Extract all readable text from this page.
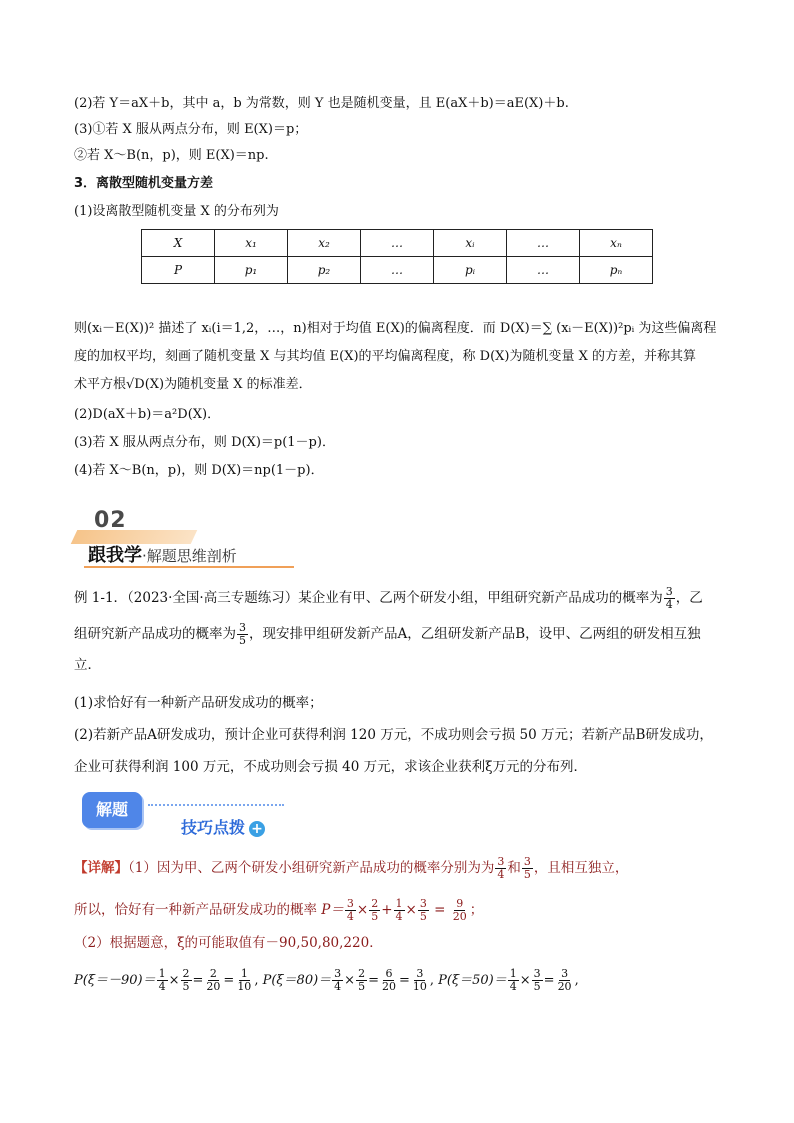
(2)若 Y＝aX＋b，其中 a，b 为常数，则 Y 也是随机变量，且 E(aX＋b)＝aE(X)＋b.
(3)①若 X 服从两点分布，则 E(X)＝p；
②若 X～B(n，p)，则 E(X)＝np.
3．离散型随机变量方差
(1)设离散型随机变量 X 的分布列为
X	x₁	x₂	…	xᵢ	…	xₙ
P	p₁	p₂	…	pᵢ	…	pₙ
则(xᵢ－E(X))² 描述了 xᵢ(i＝1,2，…，n)相对于均值 E(X)的偏离程度．而 D(X)＝∑ (xᵢ－E(X))²pᵢ 为这些偏离程
度的加权平均，刻画了随机变量 X 与其均值 E(X)的平均偏离程度，称 D(X)为随机变量 X 的方差，并称其算
术平方根√D(X)为随机变量 X 的标准差．
(2)D(aX＋b)＝a²D(X)．
(3)若 X 服从两点分布，则 D(X)＝p(1－p)．
(4)若 X～B(n，p)，则 D(X)＝np(1－p)．
02
跟我学·解题思维剖析
例 1-1．（2023·全国·高三专题练习）某企业有甲、乙两个研发小组，甲组研究新产品成功的概率为 $\frac{3}{4}$ ，乙
组研究新产品成功的概率为 $\frac{3}{5}$ ，现安排甲组研发新产品A，乙组研发新产品B，设甲、乙两组的研发相互独
立．
(1)求恰好有一种新产品研发成功的概率；
(2)若新产品A研发成功，预计企业可获得利润 120 万元，不成功则会亏损 50 万元；若新产品B研发成功，
企业可获得利润 100 万元，不成功则会亏损 40 万元，求该企业获利ξ万元的分布列．
解题
技巧点拨 +
【详解】（1）因为甲、乙两个研发小组研究新产品成功的概率分别为为 $\frac{3}{4}$ 和 $\frac{3}{5}$ ，且相互独立，
所以，恰好有一种新产品研发成功的概率 $P= \frac{3}{4} \times \frac{2}{5} + \frac{1}{4} \times \frac{3}{5} = \frac{9}{20}$ ；
（2）根据题意，ξ的可能取值有－90,50,80,220．
$P(\xi=-90)= \frac{1}{4} \times \frac{2}{5} = \frac{2}{20} = \frac{1}{10}$ , $P(\xi=80)= \frac{3}{4} \times \frac{2}{5} = \frac{6}{20} = \frac{3}{10}$ , $P(\xi=50)= \frac{1}{4} \times \frac{3}{5} = \frac{3}{20}$ ,
